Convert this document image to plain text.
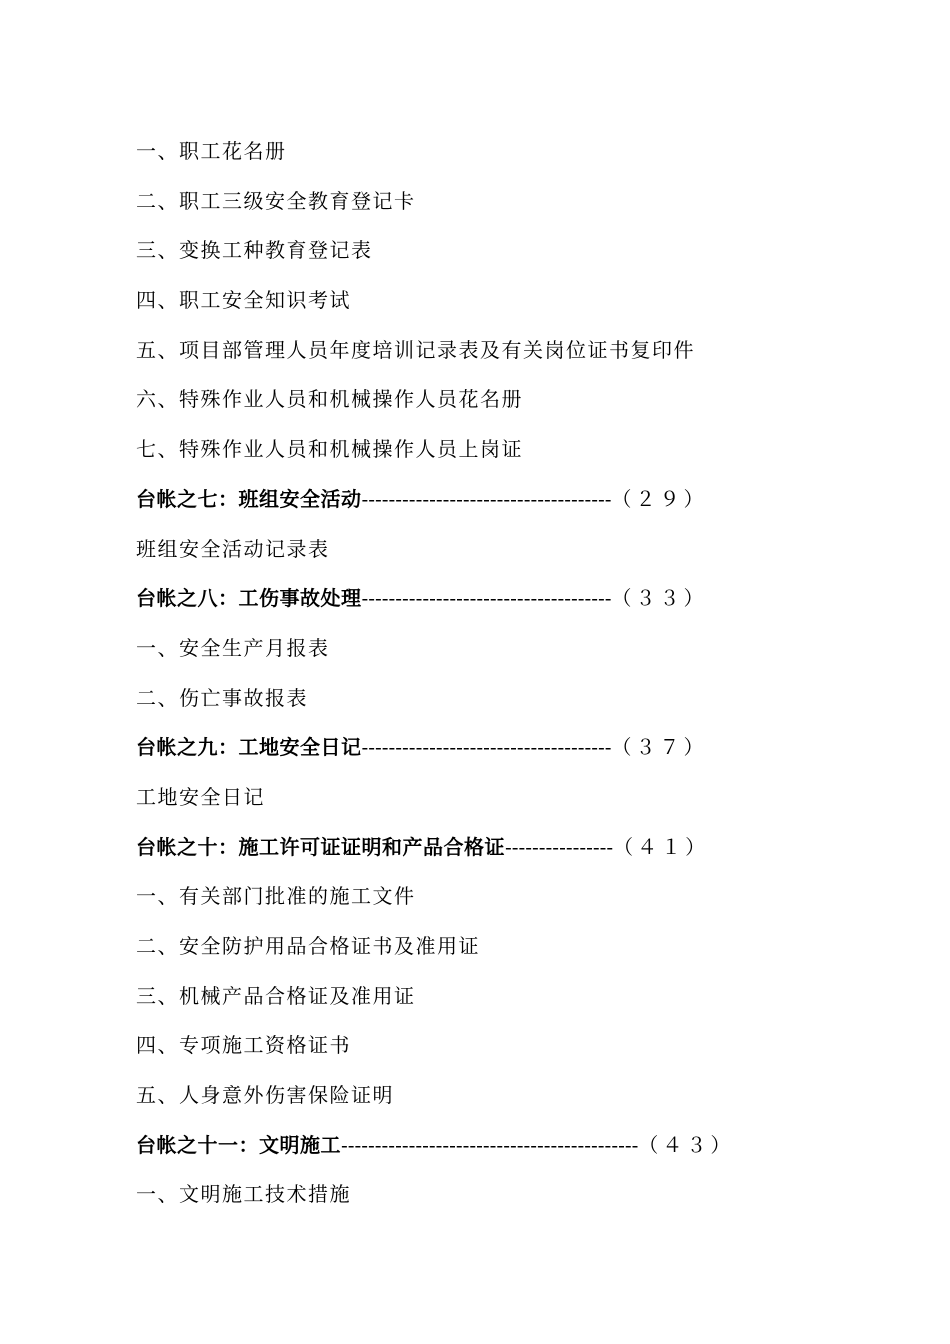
一、职工花名册
二、职工三级安全教育登记卡
三、变换工种教育登记表
四、职工安全知识考试
五、项目部管理人员年度培训记录表及有关岗位证书复印件
六、特殊作业人员和机械操作人员花名册
七、特殊作业人员和机械操作人员上岗证
台帐之七：班组安全活动-------------------------------------（２９）
班组安全活动记录表
台帐之八：工伤事故处理-------------------------------------（３３）
一、安全生产月报表
二、伤亡事故报表
台帐之九：工地安全日记-------------------------------------（３７）
工地安全日记
台帐之十：施工许可证证明和产品合格证----------------（４１）
一、有关部门批准的施工文件
二、安全防护用品合格证书及准用证
三、机械产品合格证及准用证
四、专项施工资格证书
五、人身意外伤害保险证明
台帐之十一：文明施工--------------------------------------------（４３）
一、文明施工技术措施
